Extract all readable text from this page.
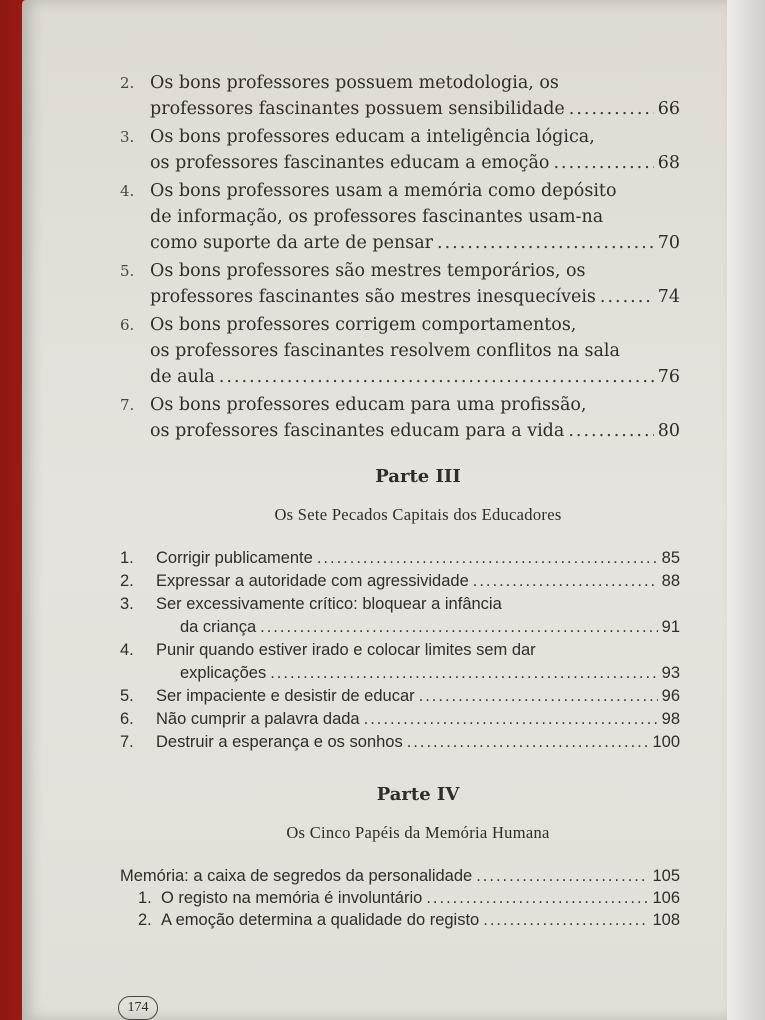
2. Os bons professores possuem metodologia, os
professores fascinantes possuem sensibilidade .....	66
3. Os bons professores educam a inteligência lógica,
os professores fascinantes educam a emoção .....	68
4. Os bons professores usam a memória como depósito
de informação, os professores fascinantes usam-na
como suporte da arte de pensar .....	70
5. Os bons professores são mestres temporários, os
professores fascinantes são mestres inesquecíveis .....	74
6. Os bons professores corrigem comportamentos,
os professores fascinantes resolvem conflitos na sala
de aula .....	76
7. Os bons professores educam para uma profissão,
os professores fascinantes educam para a vida .....	80
Parte III
Os Sete Pecados Capitais dos Educadores
1. Corrigir publicamente .....	85
2. Expressar a autoridade com agressividade .....	88
3.	Ser excessivamente crítico: bloquear a infância
da criança .....	91
4.	Punir quando estiver irado e colocar limites sem dar
explicações .....	93
5. Ser impaciente e desistir de educar .....	96
6. Não cumprir a palavra dada .....	98
7. Destruir a esperança e os sonhos .....	100
Parte IV
Os Cinco Papéis da Memória Humana
Memória: a caixa de segredos da personalidade .....	105
1. O registo na memória é involuntário .....	106
2. A emoção determina a qualidade do registo .....	108
174
